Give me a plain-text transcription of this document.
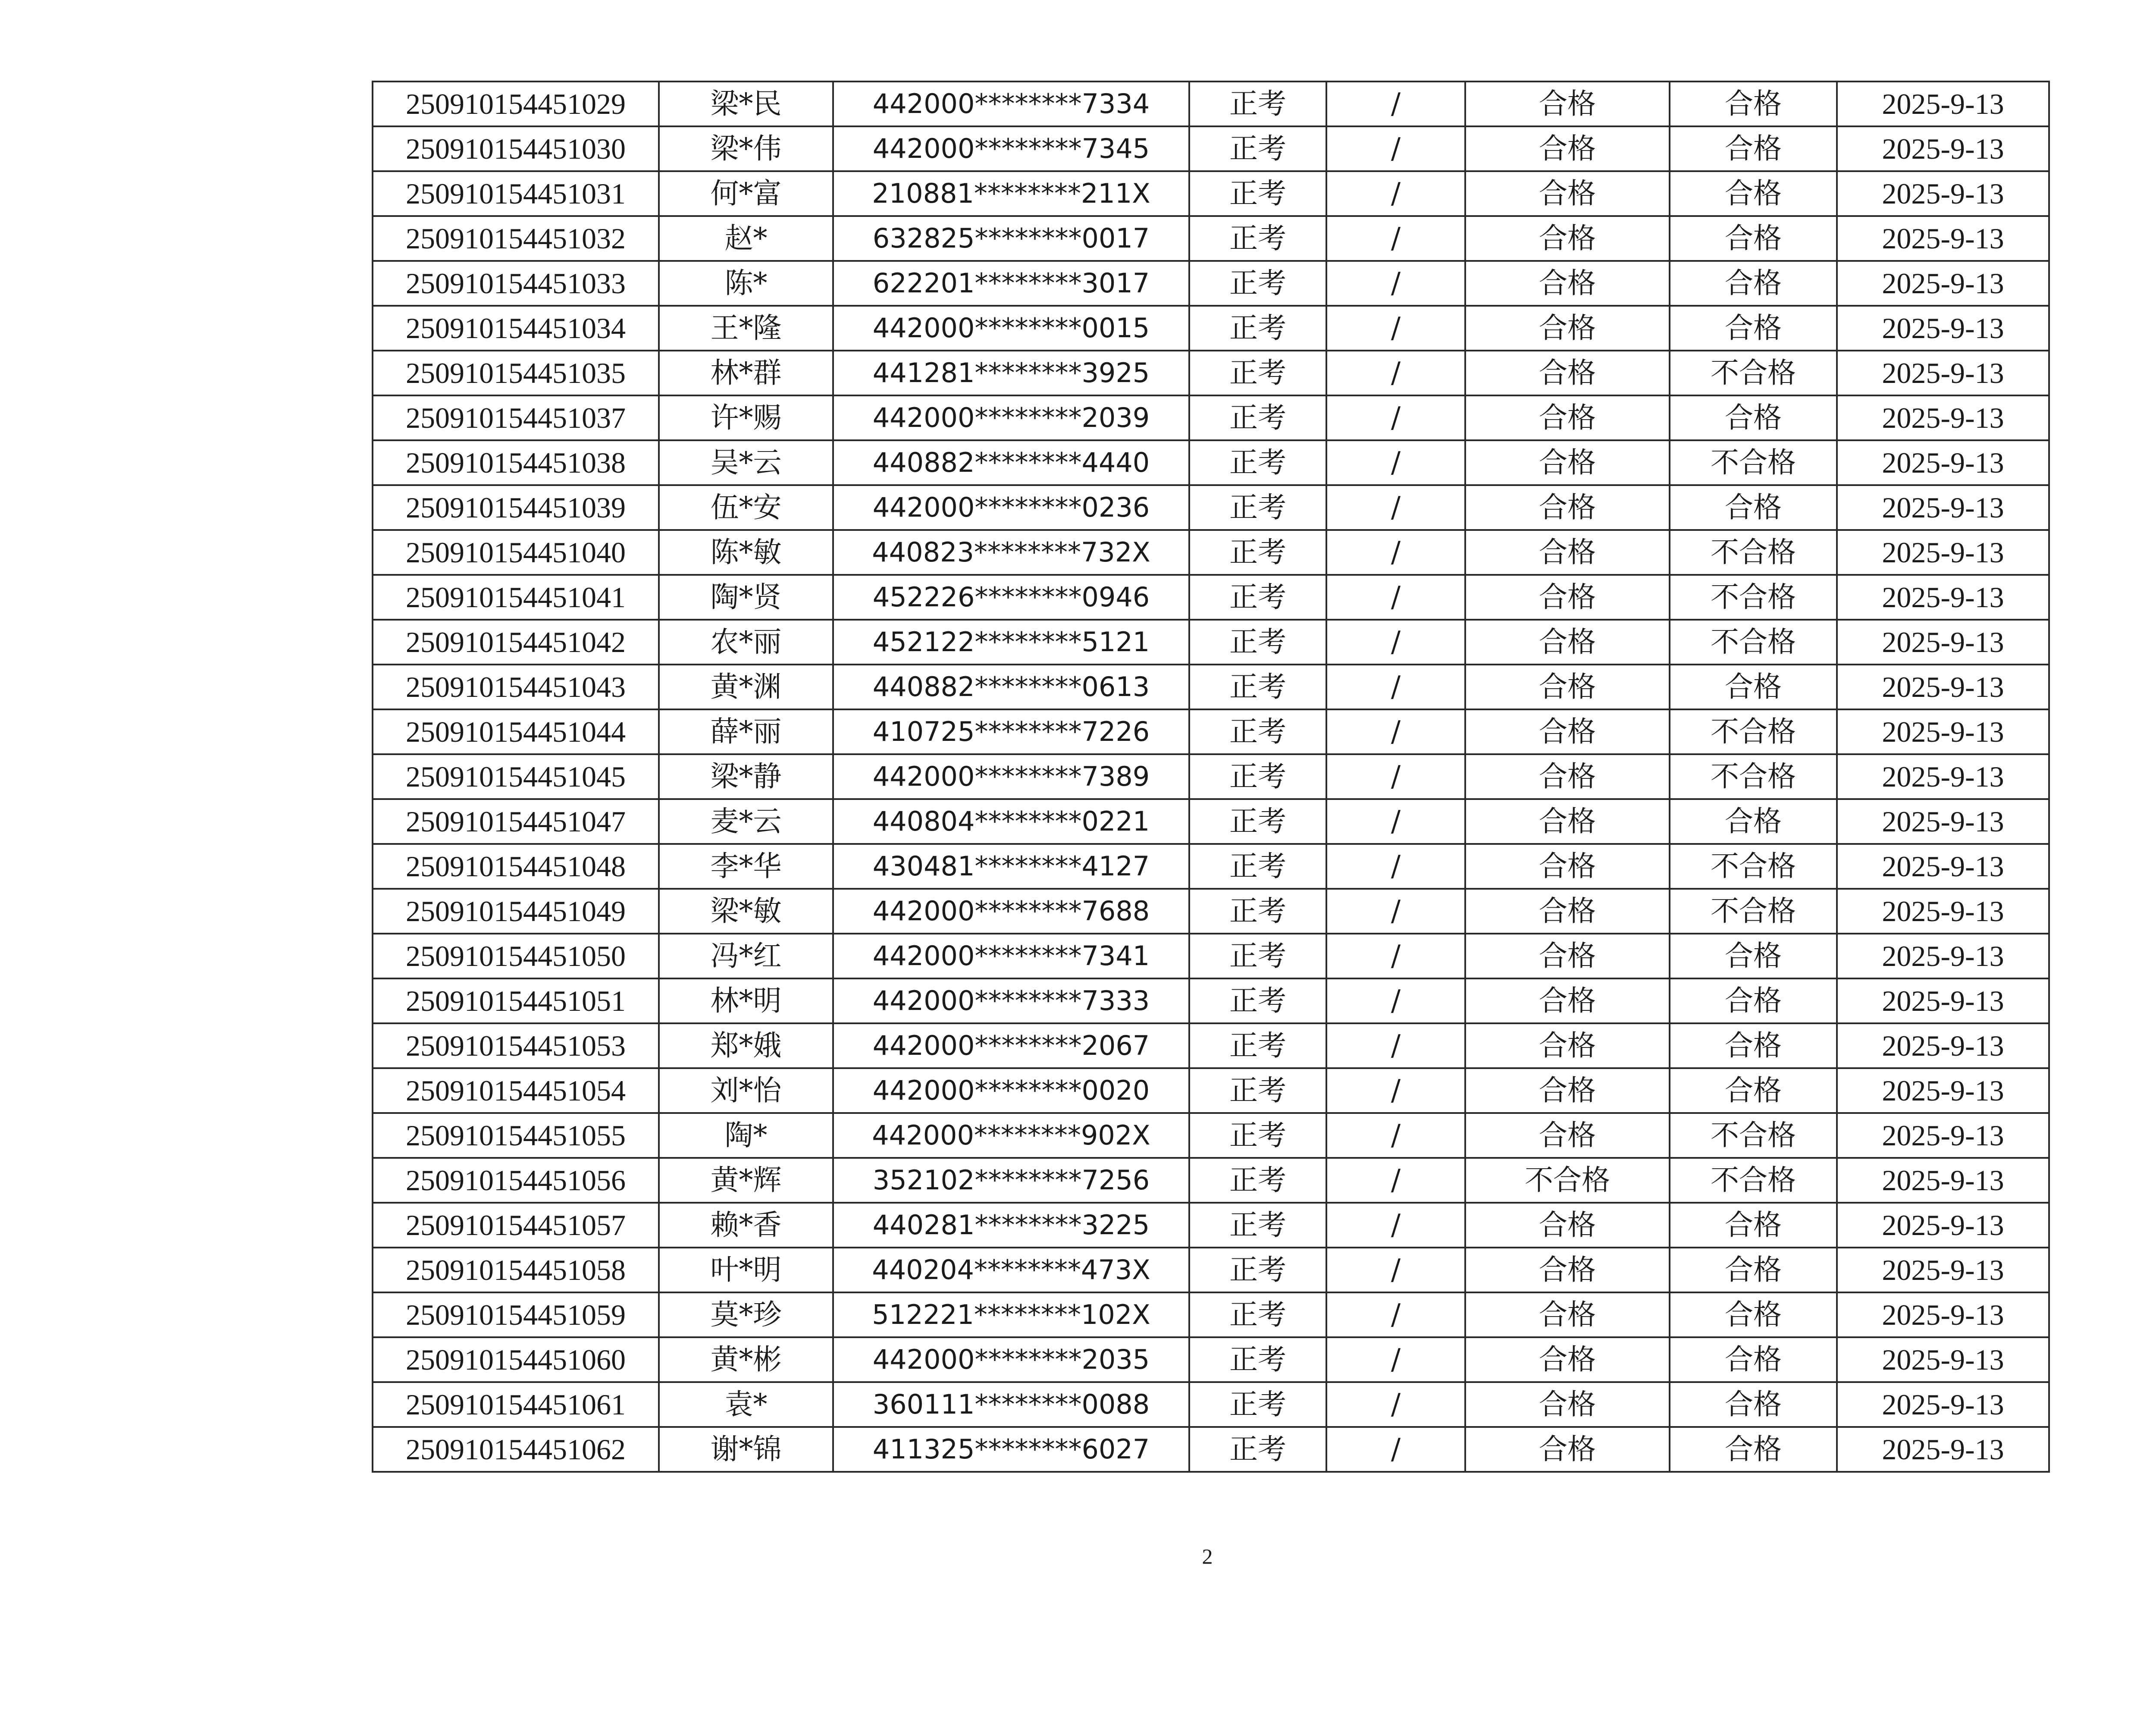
250910154451029	梁*民	442000********7334	正考	/	合格	合格	2025-9-13
250910154451030	梁*伟	442000********7345	正考	/	合格	合格	2025-9-13
250910154451031	何*富	210881********211X	正考	/	合格	合格	2025-9-13
250910154451032	赵*	632825********0017	正考	/	合格	合格	2025-9-13
250910154451033	陈*	622201********3017	正考	/	合格	合格	2025-9-13
250910154451034	王*隆	442000********0015	正考	/	合格	合格	2025-9-13
250910154451035	林*群	441281********3925	正考	/	合格	不合格	2025-9-13
250910154451037	许*赐	442000********2039	正考	/	合格	合格	2025-9-13
250910154451038	吴*云	440882********4440	正考	/	合格	不合格	2025-9-13
250910154451039	伍*安	442000********0236	正考	/	合格	合格	2025-9-13
250910154451040	陈*敏	440823********732X	正考	/	合格	不合格	2025-9-13
250910154451041	陶*贤	452226********0946	正考	/	合格	不合格	2025-9-13
250910154451042	农*丽	452122********5121	正考	/	合格	不合格	2025-9-13
250910154451043	黄*渊	440882********0613	正考	/	合格	合格	2025-9-13
250910154451044	薛*丽	410725********7226	正考	/	合格	不合格	2025-9-13
250910154451045	梁*静	442000********7389	正考	/	合格	不合格	2025-9-13
250910154451047	麦*云	440804********0221	正考	/	合格	合格	2025-9-13
250910154451048	李*华	430481********4127	正考	/	合格	不合格	2025-9-13
250910154451049	梁*敏	442000********7688	正考	/	合格	不合格	2025-9-13
250910154451050	冯*红	442000********7341	正考	/	合格	合格	2025-9-13
250910154451051	林*明	442000********7333	正考	/	合格	合格	2025-9-13
250910154451053	郑*娥	442000********2067	正考	/	合格	合格	2025-9-13
250910154451054	刘*怡	442000********0020	正考	/	合格	合格	2025-9-13
250910154451055	陶*	442000********902X	正考	/	合格	不合格	2025-9-13
250910154451056	黄*辉	352102********7256	正考	/	不合格	不合格	2025-9-13
250910154451057	赖*香	440281********3225	正考	/	合格	合格	2025-9-13
250910154451058	叶*明	440204********473X	正考	/	合格	合格	2025-9-13
250910154451059	莫*珍	512221********102X	正考	/	合格	合格	2025-9-13
250910154451060	黄*彬	442000********2035	正考	/	合格	合格	2025-9-13
250910154451061	袁*	360111********0088	正考	/	合格	合格	2025-9-13
250910154451062	谢*锦	411325********6027	正考	/	合格	合格	2025-9-13
2
